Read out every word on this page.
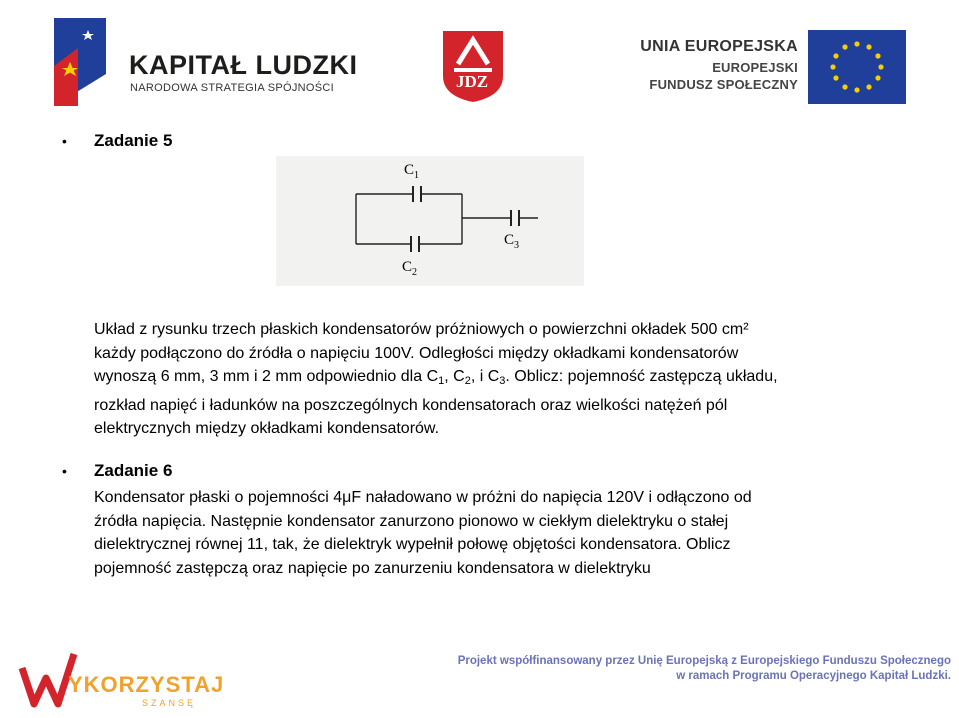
KAPITAŁ LUDZKI
NARODOWA STRATEGIA SPÓJNOŚCI	JDZ
UNIA EUROPEJSKA
EUROPEJSKI
FUNDUSZ SPOŁECZNY
• Zadanie 5
$C_1$
$C_2$
$C_3$
Układ z rysunku trzech płaskich kondensatorów próżniowych o powierzchni okładek 500 cm²
każdy podłączono do źródła o napięciu 100V. Odległości między okładkami kondensatorów
wynoszą 6 mm, 3 mm i 2 mm odpowiednio dla $C_1$, $C_2$, i $C_3$. Oblicz: pojemność zastępczą układu,
rozkład napięć i ładunków na poszczególnych kondensatorach oraz wielkości natężeń pól
elektrycznych między okładkami kondensatorów.
• Zadanie 6
Kondensator płaski o pojemności 4μF naładowano w próżni do napięcia 120V i odłączono od
źródła napięcia. Następnie kondensator zanurzono pionowo w ciekłym dielektryku o stałej
dielektrycznej równej 11, tak, że dielektryk wypełnił połowę objętości kondensatora. Oblicz
pojemność zastępczą oraz napięcie po zanurzeniu kondensatora w dielektryku
YKORZYSTAJ
SZANSĘ
Projekt współfinansowany przez Unię Europejską z Europejskiego Funduszu Społecznego
w ramach Programu Operacyjnego Kapitał Ludzki.
